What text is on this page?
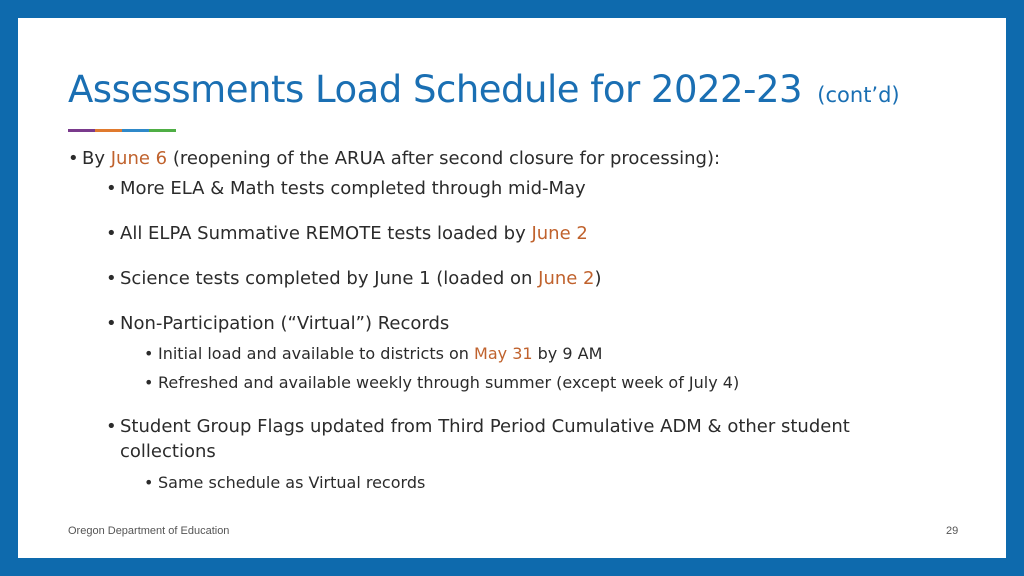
Assessments Load Schedule for 2022-23 (cont’d)
• By June 6 (reopening of the ARUA after second closure for processing):
• More ELA & Math tests completed through mid-May
• All ELPA Summative REMOTE tests loaded by June 2
• Science tests completed by June 1 (loaded on June 2)
• Non-Participation (“Virtual”) Records
• Initial load and available to districts on May 31 by 9 AM
• Refreshed and available weekly through summer (except week of July 4)
• Student Group Flags updated from Third Period Cumulative ADM & other student collections
• Same schedule as Virtual records
Oregon Department of Education	29
